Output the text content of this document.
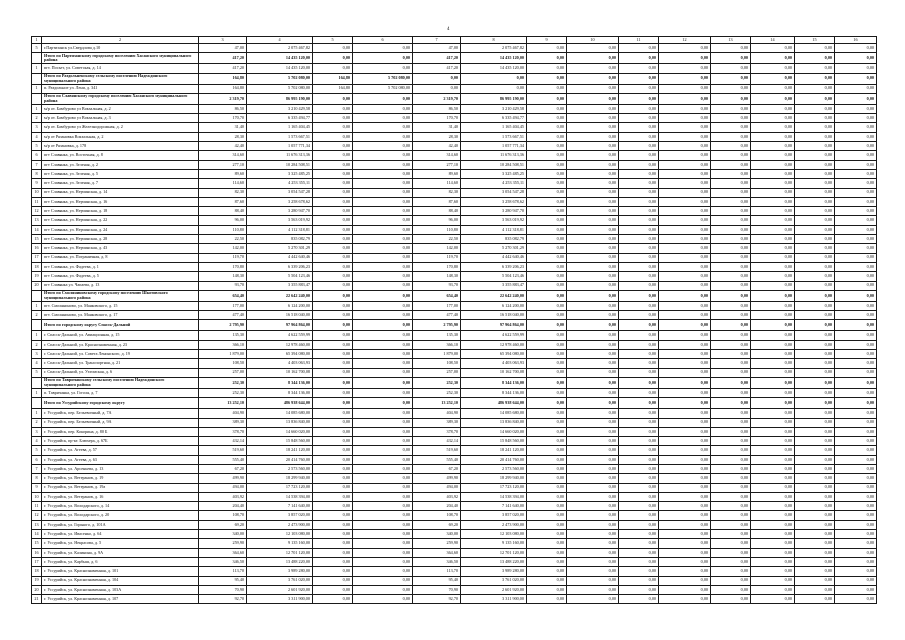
4
1	2	3	4	5	6	7	8	9	10	11	12	13	14	15	16
5	г.Партизанск ул.Свердлова д.10	47,00	2 075 467,82	0,00	0,00	47,00	2 075 467,82	0,00	0,00	0,00	0,00	0,00	0,00	0,00	0,00
	Итого по Партизанскому городскому поселению Хасанского муниципального района	417,20	14 435 120,00	0,00	0,00	417,20	14 435 120,00	0,00	0,00	0,00	0,00	0,00	0,00	0,00	0,00
1	пгт. Посьет, ул. Советская, д. 14	417,20	14 435 120,00	0,00	0,00	417,20	14 435 120,00	0,00	0,00	0,00	0,00	0,00	0,00	0,00	0,00
	Итого по Раздольненскому сельскому поселению Надеждинского муниципального района	164,80	5 702 080,00	164,80	5 702 080,00	0,00	0,00	0,00	0,00	0,00	0,00	0,00	0,00	0,00	0,00
1	п. Раздольное ул. Лени, д. 341	164,80	5 702 080,00	164,80	5 702 080,00	0,00	0,00	0,00	0,00	0,00	0,00	0,00	0,00	0,00	0,00
	Итого по Славянскому городскому поселению Хасанского муниципального района	2 319,70	86 995 190,00	0,00	0,00	2 319,70	86 995 190,00	0,00	0,00	0,00	0,00	0,00	0,00	0,00	0,00
1	м/р от. Бамбурово ул Вокзальная, д. 2	86,50	3 210 429,58	0,00	0,00	86,50	3 210 429,58	0,00	0,00	0,00	0,00	0,00	0,00	0,00	0,00
2	м/р от. Бамбурово ул Вокзальная, д. 3	170,70	6 335 494,77	0,00	0,00	170,70	6 335 494,77	0,00	0,00	0,00	0,00	0,00	0,00	0,00	0,00
3	м/р от. Бамбурово ул Железнодорожная, д. 2	31,40	1 165 404,45	0,00	0,00	31,40	1 165 404,45	0,00	0,00	0,00	0,00	0,00	0,00	0,00	0,00
4	м/р от Рязановка Вокзальная, д. 2	28,30	1 573 667,51	0,00	0,00	28,30	1 573 667,51	0,00	0,00	0,00	0,00	0,00	0,00	0,00	0,00
5	м/р от Рязановка, д. 178	42,40	1 057 771,34	0,00	0,00	42,40	1 057 771,34	0,00	0,00	0,00	0,00	0,00	0,00	0,00	0,00
6	пгт Славянка, ул. Восточная, д. 8	314,60	11 676 313,36	0,00	0,00	314,60	11 676 313,36	0,00	0,00	0,00	0,00	0,00	0,00	0,00	0,00
7	пгт Славянка, ул. Зеленая, д. 2	277,10	10 284 508,51	0,00	0,00	277,10	10 284 508,51	0,00	0,00	0,00	0,00	0,00	0,00	0,00	0,00
8	пгт Славянка, ул. Зеленая, д. 5	89,60	3 325 485,25	0,00	0,00	89,60	3 325 485,25	0,00	0,00	0,00	0,00	0,00	0,00	0,00	0,00
9	пгт Славянка, ул. Зеленая, д. 7	114,60	4 253 355,11	0,00	0,00	114,60	4 253 355,11	0,00	0,00	0,00	0,00	0,00	0,00	0,00	0,00
10	пгт Славянка, ул. Нерчинская, д. 14	82,30	3 054 547,28	0,00	0,00	82,30	3 054 547,28	0,00	0,00	0,00	0,00	0,00	0,00	0,00	0,00
11	пгт Славянка, ул. Нерчинская, д. 16	87,60	3 258 678,62	0,00	0,00	87,60	3 258 678,62	0,00	0,00	0,00	0,00	0,00	0,00	0,00	0,00
12	пгт Славянка, ул. Нерчинская, д. 18	88,40	3 280 947,70	0,00	0,00	88,40	3 280 947,70	0,00	0,00	0,00	0,00	0,00	0,00	0,00	0,00
13	пгт Славянка, ул. Нерчинская, д. 22	96,00	3 563 019,92	0,00	0,00	96,00	3 563 019,92	0,00	0,00	0,00	0,00	0,00	0,00	0,00	0,00
14	пгт Славянка, ул. Нерчинская, д. 24	110,80	4 112 318,81	0,00	0,00	110,80	4 112 318,81	0,00	0,00	0,00	0,00	0,00	0,00	0,00	0,00
15	пгт Славянка, ул. Нерчинская, д. 28	22,50	835 082,79	0,00	0,00	22,50	835 082,79	0,00	0,00	0,00	0,00	0,00	0,00	0,00	0,00
16	пгт Славянка, ул. Нерчинская, д. 43	142,00	5 270 301,29	0,00	0,00	142,00	5 270 301,29	0,00	0,00	0,00	0,00	0,00	0,00	0,00	0,00
17	пгт Славянка, ул. Пограничная, д. 8	119,70	4 442 640,46	0,00	0,00	119,70	4 442 640,46	0,00	0,00	0,00	0,00	0,00	0,00	0,00	0,00
18	пгт Славянка, ул. Фадеева, д. 1	170,80	6 339 206,23	0,00	0,00	170,80	6 339 206,23	0,00	0,00	0,00	0,00	0,00	0,00	0,00	0,00
19	пгт Славянка, ул. Фадеева, д. 5	148,30	5 504 123,46	0,00	0,00	148,30	5 504 123,46	0,00	0,00	0,00	0,00	0,00	0,00	0,00	0,00
20	пгт Славянка ул. Чапаева, д. 13	93,70	3 355 883,47	0,00	0,00	93,70	3 355 883,47	0,00	0,00	0,00	0,00	0,00	0,00	0,00	0,00
	Итого по Смоляниновскому городскому поселению Шкотовского муниципального района	654,40	22 642 240,00	0,00	0,00	654,40	22 642 240,00	0,00	0,00	0,00	0,00	0,00	0,00	0,00	0,00
1	пгт. Смоляниново, ул. Маяковского, д. 15	177,00	6 124 200,00	0,00	0,00	177,00	6 124 200,00	0,00	0,00	0,00	0,00	0,00	0,00	0,00	0,00
2	пгт. Смоляниново, ул. Маяковского, д. 17	477,40	16 518 040,00	0,00	0,00	477,40	16 518 040,00	0,00	0,00	0,00	0,00	0,00	0,00	0,00	0,00
	Итого по городскому округу Спасск-Дальний	2 795,90	97 964 864,00	0,00	0,00	2 795,90	97 964 864,00	0,00	0,00	0,00	0,00	0,00	0,00	0,00	0,00
1	г. Спасск-Дальний, ул. Авиационная, д. 15	135,30	4 622 559,99	0,00	0,00	135,30	4 622 559,99	0,00	0,00	0,00	0,00	0,00	0,00	0,00	0,00
2	г. Спасск-Дальний, ул. Краснознаменная, д. 23	366,10	12 978 460,00	0,00	0,00	366,10	12 978 460,00	0,00	0,00	0,00	0,00	0,00	0,00	0,00	0,00
3	г. Спасск-Дальний, ул. Совета Ленинского, д. 19	1 879,00	65 394 080,00	0,00	0,00	1 879,00	65 394 080,00	0,00	0,00	0,00	0,00	0,00	0,00	0,00	0,00
4	г. Спасск-Дальний, ул. Транспортная, д. 21	108,50	4 403 063,93	0,00	0,00	108,50	4 403 063,93	0,00	0,00	0,00	0,00	0,00	0,00	0,00	0,00
5	г. Спасск-Дальний, ул. Ухтомская, д. 6	257,00	10 162 700,08	0,00	0,00	257,00	10 162 700,08	0,00	0,00	0,00	0,00	0,00	0,00	0,00	0,00
	Итого по Тавричанскому сельскому поселению Надеждинского муниципального района	252,30	8 344 136,00	0,00	0,00	252,30	8 344 136,00	0,00	0,00	0,00	0,00	0,00	0,00	0,00	0,00
1	п. Тавричанка, ул. Гоголя, д. 7	252,30	8 344 136,00	0,00	0,00	252,30	8 344 136,00	0,00	0,00	0,00	0,00	0,00	0,00	0,00	0,00
	Итого по Уссурийскому городскому округу	13 252,10	486 938 644,00	0,00	0,00	13 252,10	486 938 644,00	0,00	0,00	0,00	0,00	0,00	0,00	0,00	0,00
1	г. Уссурийск, пер. Бельевичный, д. 7А	404,90	14 085 680,00	0,00	0,00	404,90	14 085 680,00	0,00	0,00	0,00	0,00	0,00	0,00	0,00	0,00
2	г. Уссурийск, пер. Бельевичный, д. 9А	389,30	13 836 840,00	0,00	0,00	389,30	13 836 840,00	0,00	0,00	0,00	0,00	0,00	0,00	0,00	0,00
3	г. Уссурийск, пер. Кокорина, д. 80 Б	378,70	14 660 020,00	0,00	0,00	378,70	14 660 020,00	0,00	0,00	0,00	0,00	0,00	0,00	0,00	0,00
4	г. Уссурийск, пр-кт. Блюхера, д. 67Б	432,14	15 848 560,00	0,00	0,00	432,14	15 848 560,00	0,00	0,00	0,00	0,00	0,00	0,00	0,00	0,00
5	г. Уссурийск, ул. Агеева, д. 57	519,60	18 241 120,00	0,00	0,00	519,60	18 241 120,00	0,00	0,00	0,00	0,00	0,00	0,00	0,00	0,00
6	г. Уссурийск, ул. Агеева, д. 63	555,40	20 414 760,00	0,00	0,00	555,40	20 414 760,00	0,00	0,00	0,00	0,00	0,00	0,00	0,00	0,00
7	г. Уссурийск, ул. Арсеньева, д. 13	67,20	2 573 560,00	0,00	0,00	67,20	2 573 560,00	0,00	0,00	0,00	0,00	0,00	0,00	0,00	0,00
8	г. Уссурийск, ул. Ветеранов, д. 19	499,90	18 299 940,00	0,00	0,00	499,90	18 299 940,00	0,00	0,00	0,00	0,00	0,00	0,00	0,00	0,00
9	г. Уссурийск, ул. Ветеранов, д. 19а	494,00	17 723 120,00	0,00	0,00	494,00	17 723 120,00	0,00	0,00	0,00	0,00	0,00	0,00	0,00	0,00
10	г. Уссурийск, ул. Ветеранов, д. 16	403,92	14 538 394,00	0,00	0,00	403,92	14 538 394,00	0,00	0,00	0,00	0,00	0,00	0,00	0,00	0,00
11	г. Уссурийск, ул. Володарского, д. 14	204,40	7 141 640,00	0,00	0,00	204,40	7 141 640,00	0,00	0,00	0,00	0,00	0,00	0,00	0,00	0,00
12	г. Уссурийск, ул. Володарского, д. 20	108,70	3 857 020,00	0,00	0,00	108,70	3 857 020,00	0,00	0,00	0,00	0,00	0,00	0,00	0,00	0,00
13	г. Уссурийск, ул. Горького, д. 101А	69,20	2 473 900,00	0,00	0,00	69,20	2 473 900,00	0,00	0,00	0,00	0,00	0,00	0,00	0,00	0,00
14	г. Уссурийск, ул. Ивасенко, д. 64	340,00	12 103 080,00	0,00	0,00	340,00	12 103 080,00	0,00	0,00	0,00	0,00	0,00	0,00	0,00	0,00
15	г. Уссурийск, ул. Некрасова, д. 5	259,90	9 135 160,00	0,00	0,00	259,90	9 135 160,00	0,00	0,00	0,00	0,00	0,00	0,00	0,00	0,00
16	г. Уссурийск, ул. Калинина, д. 9А	364,60	12 701 120,00	0,00	0,00	364,60	12 701 120,00	0,00	0,00	0,00	0,00	0,00	0,00	0,00	0,00
17	г. Уссурийск, ул. Карбыш, д. 6	346,50	13 488 220,00	0,00	0,00	346,50	13 488 220,00	0,00	0,00	0,00	0,00	0,00	0,00	0,00	0,00
18	г. Уссурийск, ул. Краснознаменная, д. 101	113,70	3 989 280,00	0,00	0,00	113,70	3 989 280,00	0,00	0,00	0,00	0,00	0,00	0,00	0,00	0,00
19	г. Уссурийск, ул. Краснознаменная, д. 104	95,40	3 761 020,00	0,00	0,00	95,40	3 761 020,00	0,00	0,00	0,00	0,00	0,00	0,00	0,00	0,00
20	г. Уссурийск, ул. Краснознаменная, д. 103А	70,90	2 601 920,00	0,00	0,00	70,90	2 601 920,00	0,00	0,00	0,00	0,00	0,00	0,00	0,00	0,00
21	г. Уссурийск, ул. Краснознаменная, д. 107	92,70	3 311 900,00	0,00	0,00	92,70	3 311 900,00	0,00	0,00	0,00	0,00	0,00	0,00	0,00	0,00
